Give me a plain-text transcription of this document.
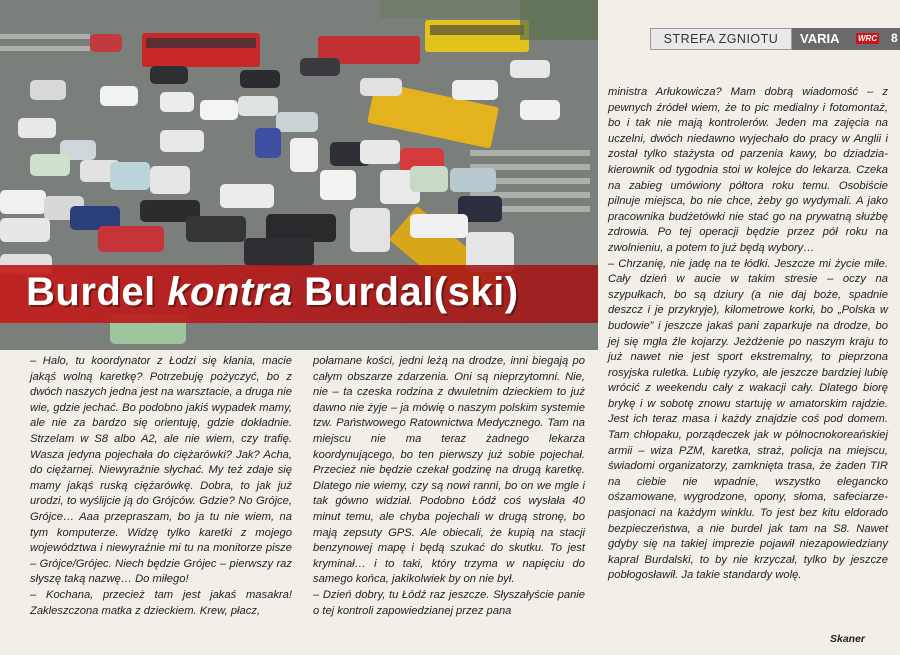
Burdel kontra Burdal(ski)
STREFA ZGNIOTU	VARIA	WRC 8

– Halo, tu koordynator z Łodzi się kłania, macie jakąś wolną karetkę? Potrzebuję pożyczyć, bo z dwóch naszych jedna jest na warsztacie, a druga nie wie, gdzie jechać. Bo podobno jakiś wypadek mamy, ale nie za bardzo się orientuję, gdzie dokładnie. Strzelam w S8 albo A2, ale nie wiem, czy trafię. Wasza jedyna pojechała do ciężarówki? Jak? Acha, do ciężarnej. Niewyraźnie słychać. My też zdaje się mamy jakąś ruską ciężarówkę. Dobra, to jak już urodzi, to wyślijcie ją do Grójców. Gdzie? No Grójce, Grójce… Aaa przepraszam, bo ja tu nie wiem, na tym komputerze. Widzę tylko karetki z mojego województwa i niewyraźnie mi tu na monitorze pisze – Grójce/Grójec. Niech będzie Grójec – pierwszy raz słyszę taką nazwę… Do miłego!
– Kochana, przecież tam jest jakaś masakra! Zakleszczona matka z dzieckiem. Krew, płacz,

połamane kości, jedni leżą na drodze, inni biegają po całym obszarze zdarzenia. Oni są nieprzytomni. Nie, nie – ta czeska rodzina z dwuletnim dzieckiem to już dawno nie żyje – ja mówię o naszym polskim systemie tzw. Państwowego Ratownictwa Medycznego. Tam na miejscu nie ma teraz żadnego lekarza koordynującego, bo ten pierwszy już sobie pojechał. Przecież nie będzie czekał godzinę na drugą karetkę. Dlatego nie wiemy, czy są nowi ranni, bo on we mgle i tak gówno widział. Podobno Łódź coś wysłała 40 minut temu, ale chyba pojechali w drugą stronę, bo mają zepsuty GPS. Ale obiecali, że kupią na stacji benzynowej mapę i będą szukać do skutku. To jest kryminał… i to taki, który trzyma w napięciu do samego końca, jakikolwiek by on nie był.
– Dzień dobry, tu Łódź raz jeszcze. Słyszałyście panie o tej kontroli zapowiedzianej przez pana

ministra Arłukowicza? Mam dobrą wiadomość – z pewnych źródeł wiem, że to pic medialny i fotomontaż, bo i tak nie mają kontrolerów. Jeden ma zajęcia na uczelni, dwóch niedawno wyjechało do pracy w Anglii i został tylko stażysta od parzenia kawy, bo dziadzia-kierownik od tygodnia stoi w kolejce do lekarza. Czeka na zabieg umówiony półtora roku temu. Osobiście pilnuje miejsca, bo nie chce, żeby go wydymali. A jako pracownika budżetówki nie stać go na prywatną służbę zdrowia. Po tej operacji będzie przez pół roku na zwolnieniu, a potem to już będą wybory…
– Chrzanię, nie jadę na te łódki. Jeszcze mi życie miłe. Cały dzień w aucie w takim stresie – oczy na szypułkach, bo są dziury (a nie daj boże, spadnie deszcz i je przykryje), kilometrowe korki, bo „Polska w budowie” i jeszcze jakaś pani zaparkuje na drodze, bo jej się mgła źle kojarzy. Jeżdżenie po naszym kraju to już nawet nie jest sport ekstremalny, to pieprzona rosyjska ruletka. Lubię ryzyko, ale jeszcze bardziej lubię wrócić z weekendu cały z wakacji cały. Dlatego biorę brykę i w sobotę znowu startuję w amatorskim rajdzie. Jest ich teraz masa i każdy znajdzie coś pod domem. Tam chłopaku, porządeczek jak w północnokoreańskiej armii – wiza PZM, karetka, straż, policja na miejscu, świadomi organizatorzy, zamknięta trasa, że żaden TIR na ciebie nie wpadnie, wszystko elegancko ośzamowane, wygrodzone, opony, słoma, safeciarze-pasjonaci na każdym winklu. To jest bez kitu eldorado bezpieczeństwa, a nie burdel jak tam na S8. Nawet gdyby się na takiej imprezie pojawił niezapowiedziany kapral Burdalski, to by nie krzyczał, tylko by jeszcze pobłogosławił. Ja takie standardy wolę.

Skaner
